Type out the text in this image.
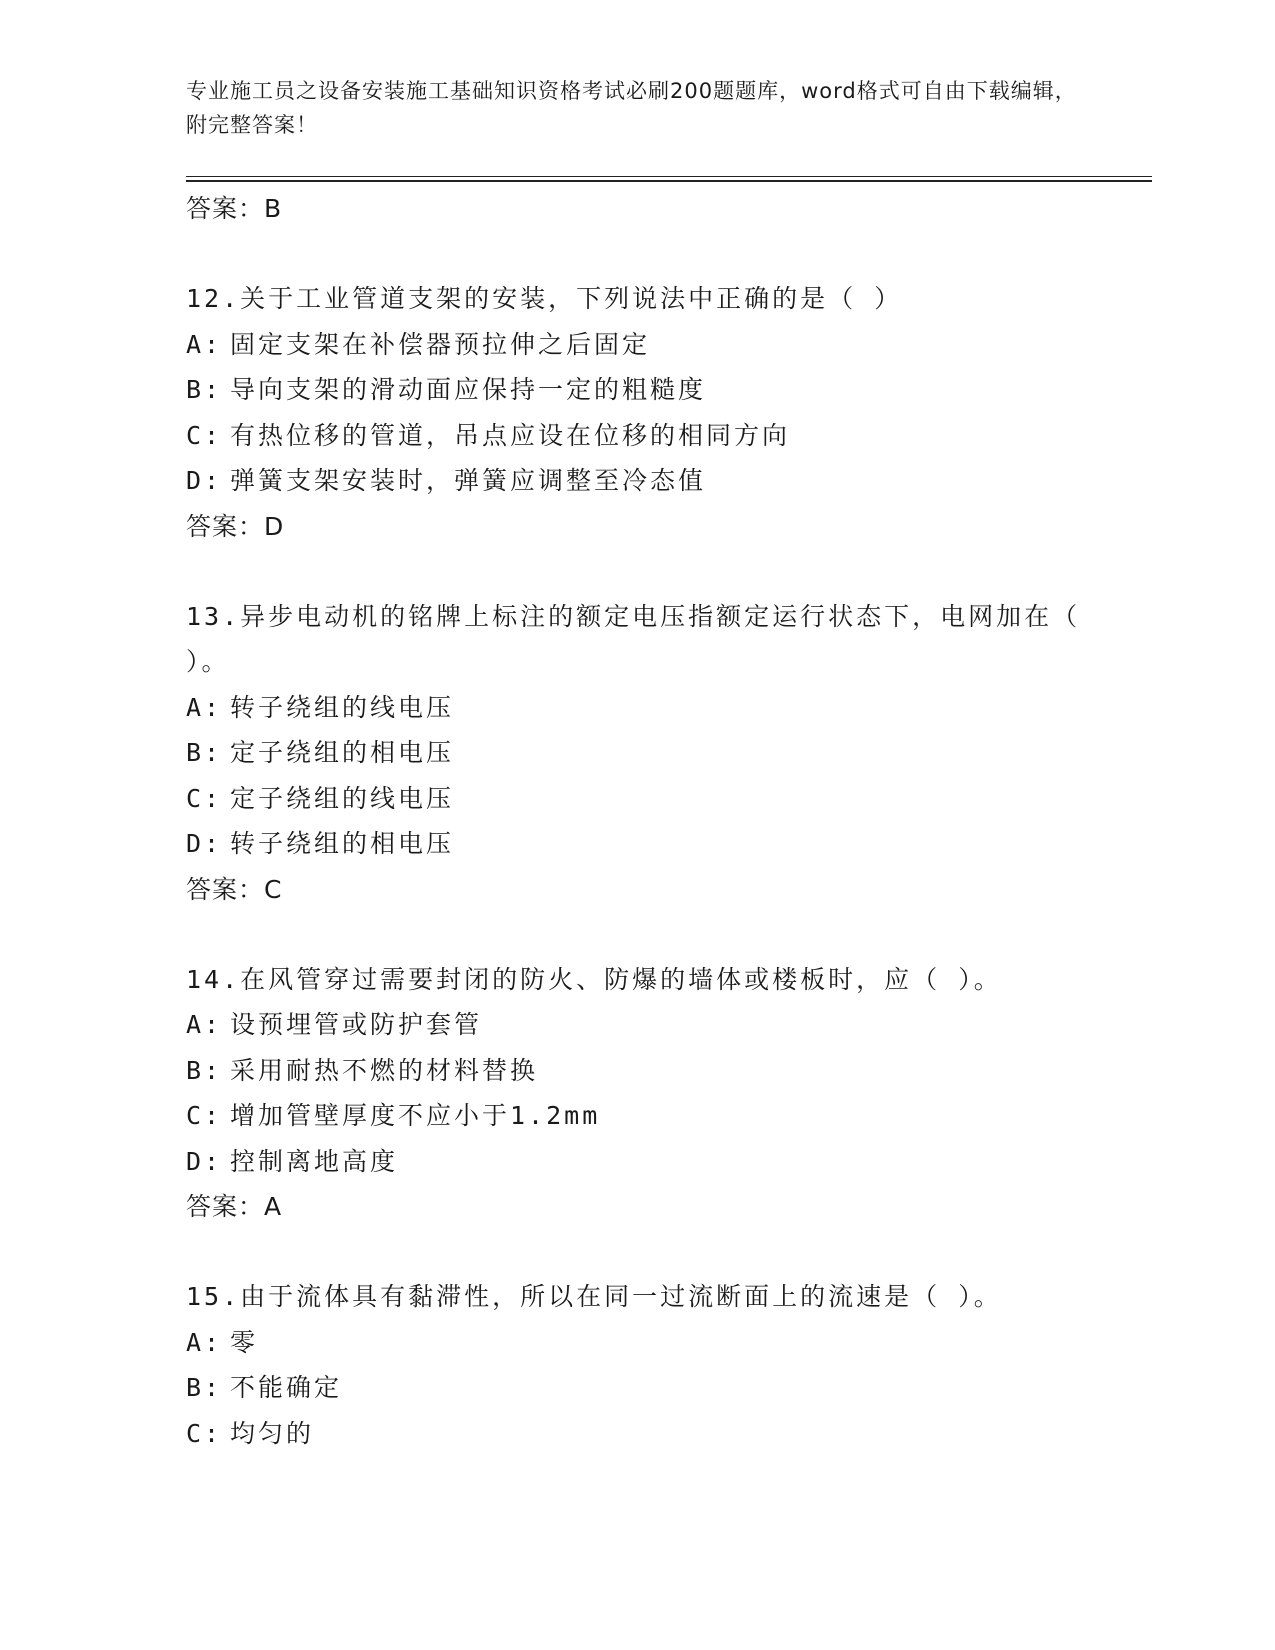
专业施工员之设备安装施工基础知识资格考试必刷200题题库，word格式可自由下载编辑，附完整答案！
答案：B
12.关于工业管道支架的安装，下列说法中正确的是（ ）
A: 固定支架在补偿器预拉伸之后固定
B: 导向支架的滑动面应保持一定的粗糙度
C: 有热位移的管道，吊点应设在位移的相同方向
D: 弹簧支架安装时，弹簧应调整至冷态值
答案：D
13.异步电动机的铭牌上标注的额定电压指额定运行状态下，电网加在（ ）。
A: 转子绕组的线电压
B: 定子绕组的相电压
C: 定子绕组的线电压
D: 转子绕组的相电压
答案：C
14.在风管穿过需要封闭的防火、防爆的墙体或楼板时，应（ ）。
A: 设预埋管或防护套管
B: 采用耐热不燃的材料替换
C: 增加管壁厚度不应小于1.2mm
D: 控制离地高度
答案：A
15.由于流体具有黏滞性，所以在同一过流断面上的流速是（ ）。
A: 零
B: 不能确定
C: 均匀的
